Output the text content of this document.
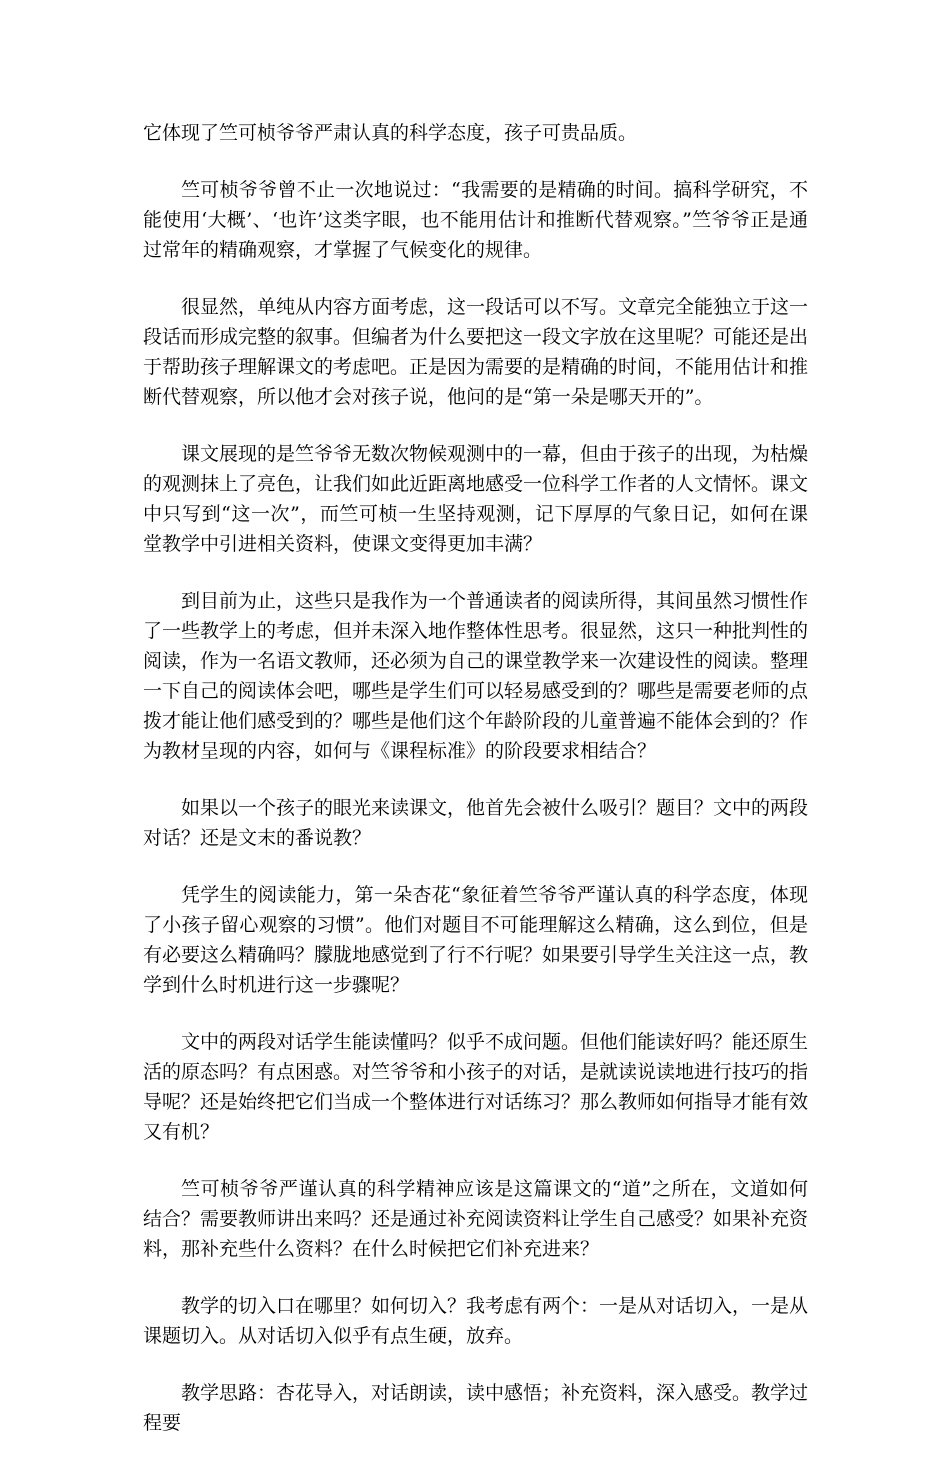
它体现了竺可桢爷爷严肃认真的科学态度，孩子可贵品质。

竺可桢爷爷曾不止一次地说过：“我需要的是精确的时间。搞科学研究，不能使用‘大概’、‘也许’这类字眼，也不能用估计和推断代替观察。”竺爷爷正是通过常年的精确观察，才掌握了气候变化的规律。

很显然，单纯从内容方面考虑，这一段话可以不写。文章完全能独立于这一段话而形成完整的叙事。但编者为什么要把这一段文字放在这里呢？可能还是出于帮助孩子理解课文的考虑吧。正是因为需要的是精确的时间，不能用估计和推断代替观察，所以他才会对孩子说，他问的是“第一朵是哪天开的”。

课文展现的是竺爷爷无数次物候观测中的一幕，但由于孩子的出现，为枯燥的观测抹上了亮色，让我们如此近距离地感受一位科学工作者的人文情怀。课文中只写到“这一次”，而竺可桢一生坚持观测，记下厚厚的气象日记，如何在课堂教学中引进相关资料，使课文变得更加丰满？

到目前为止，这些只是我作为一个普通读者的阅读所得，其间虽然习惯性作了一些教学上的考虑，但并未深入地作整体性思考。很显然，这只一种批判性的阅读，作为一名语文教师，还必须为自己的课堂教学来一次建设性的阅读。整理一下自己的阅读体会吧，哪些是学生们可以轻易感受到的？哪些是需要老师的点拨才能让他们感受到的？哪些是他们这个年龄阶段的儿童普遍不能体会到的？作为教材呈现的内容，如何与《课程标准》的阶段要求相结合？

如果以一个孩子的眼光来读课文，他首先会被什么吸引？题目？文中的两段对话？还是文末的番说教？

凭学生的阅读能力，第一朵杏花“象征着竺爷爷严谨认真的科学态度，体现了小孩子留心观察的习惯”。他们对题目不可能理解这么精确，这么到位，但是有必要这么精确吗？朦胧地感觉到了行不行呢？如果要引导学生关注这一点，教学到什么时机进行这一步骤呢？

文中的两段对话学生能读懂吗？似乎不成问题。但他们能读好吗？能还原生活的原态吗？有点困惑。对竺爷爷和小孩子的对话，是就读说读地进行技巧的指导呢？还是始终把它们当成一个整体进行对话练习？那么教师如何指导才能有效又有机？

竺可桢爷爷严谨认真的科学精神应该是这篇课文的“道”之所在，文道如何结合？需要教师讲出来吗？还是通过补充阅读资料让学生自己感受？如果补充资料，那补充些什么资料？在什么时候把它们补充进来？

教学的切入口在哪里？如何切入？我考虑有两个：一是从对话切入，一是从课题切入。从对话切入似乎有点生硬，放弃。

教学思路：杏花导入，对话朗读，读中感悟；补充资料，深入感受。教学过程要
